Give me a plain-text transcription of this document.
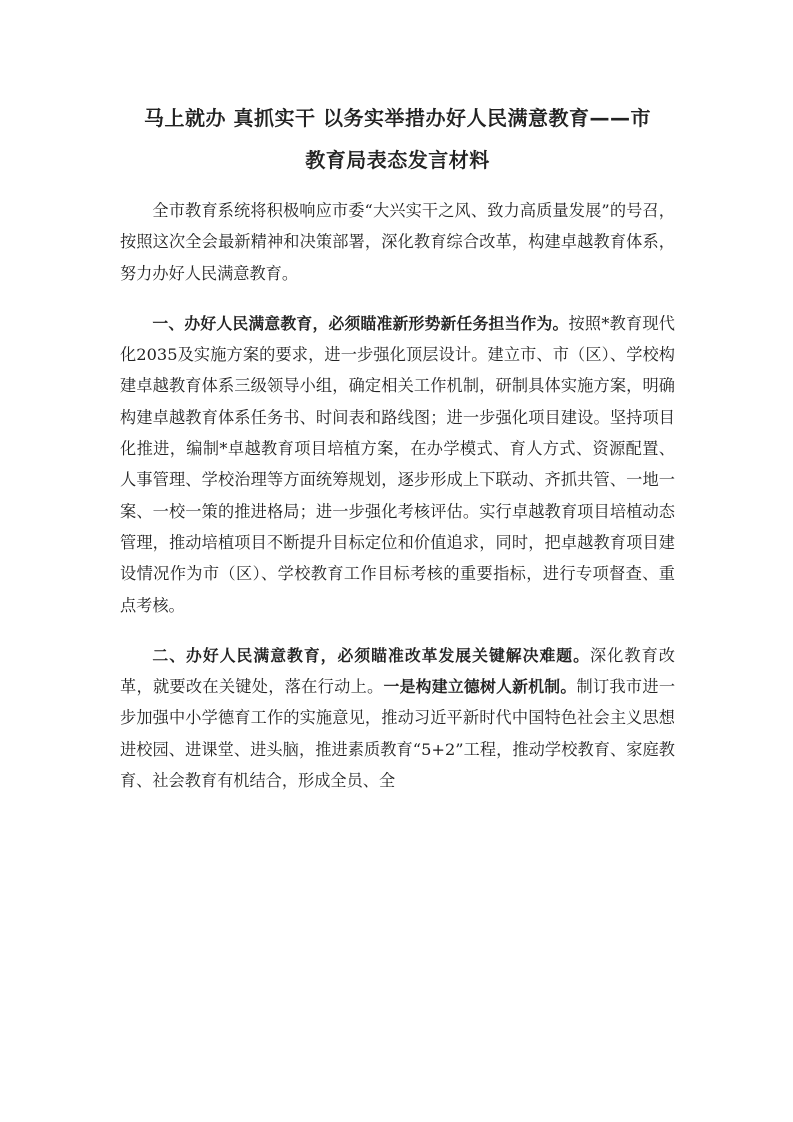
马上就办 真抓实干 以务实举措办好人民满意教育——市
教育局表态发言材料

全市教育系统将积极响应市委“大兴实干之风、致力高质量发展”的号召，按照这次全会最新精神和决策部署，深化教育综合改革，构建卓越教育体系，努力办好人民满意教育。

一、办好人民满意教育，必须瞄准新形势新任务担当作为。按照*教育现代化2035及实施方案的要求，进一步强化顶层设计。建立市、市（区）、学校构建卓越教育体系三级领导小组，确定相关工作机制，研制具体实施方案，明确构建卓越教育体系任务书、时间表和路线图；进一步强化项目建设。坚持项目化推进，编制*卓越教育项目培植方案，在办学模式、育人方式、资源配置、人事管理、学校治理等方面统筹规划，逐步形成上下联动、齐抓共管、一地一案、一校一策的推进格局；进一步强化考核评估。实行卓越教育项目培植动态管理，推动培植项目不断提升目标定位和价值追求，同时，把卓越教育项目建设情况作为市（区）、学校教育工作目标考核的重要指标，进行专项督查、重点考核。

二、办好人民满意教育，必须瞄准改革发展关键解决难题。深化教育改革，就要改在关键处，落在行动上。一是构建立德树人新机制。制订我市进一步加强中小学德育工作的实施意见，推动习近平新时代中国特色社会主义思想进校园、进课堂、进头脑，推进素质教育“5+2”工程，推动学校教育、家庭教育、社会教育有机结合，形成全员、全
